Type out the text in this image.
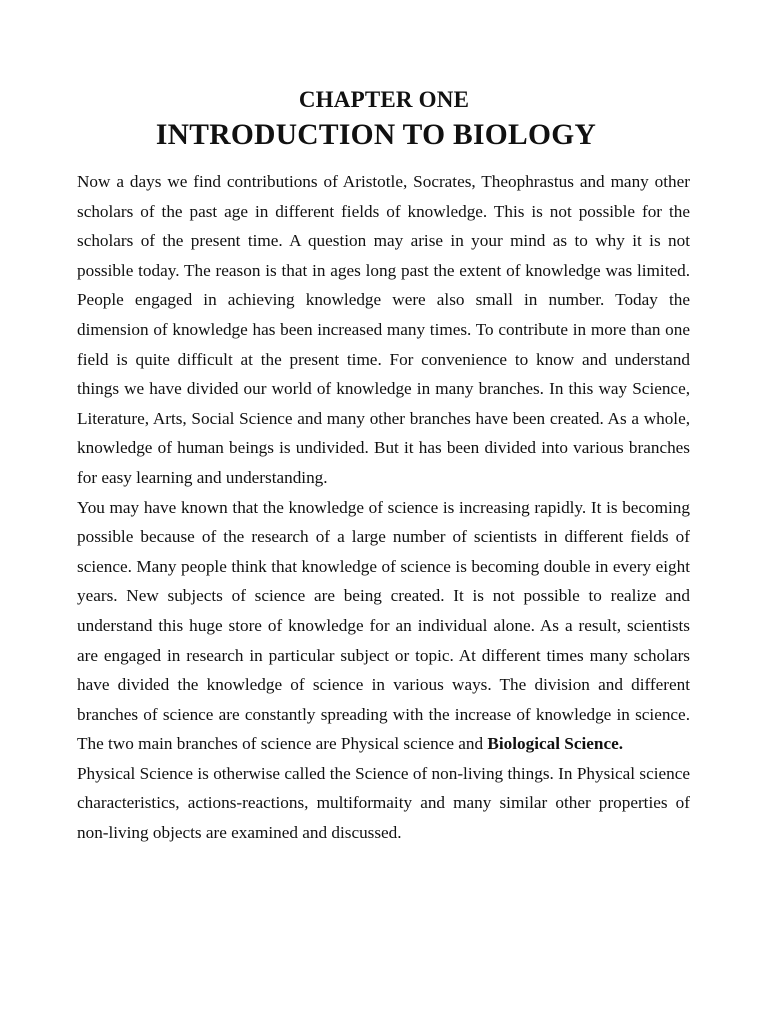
CHAPTER ONE
INTRODUCTION TO BIOLOGY

Now a days we find contributions of Aristotle, Socrates, Theophrastus and many other scholars of the past age in different fields of knowledge. This is not possible for the scholars of the present time. A question may arise in your mind as to why it is not possible today. The reason is that in ages long past the extent of knowledge was limited. People engaged in achieving knowledge were also small in number. Today the dimension of knowledge has been increased many times. To contribute in more than one field is quite difficult at the present time. For convenience to know and understand things we have divided our world of knowledge in many branches. In this way Science, Literature, Arts, Social Science and many other branches have been created. As a whole, knowledge of human beings is undivided. But it has been divided into various branches for easy learning and understanding.

You may have known that the knowledge of science is increasing rapidly. It is becoming possible because of the research of a large number of scientists in different fields of science. Many people think that knowledge of science is becoming double in every eight years. New subjects of science are being created. It is not possible to realize and understand this huge store of knowledge for an individual alone. As a result, scientists are engaged in research in particular subject or topic. At different times many scholars have divided the knowledge of science in various ways. The division and different branches of science are constantly spreading with the increase of knowledge in science. The two main branches of science are Physical science and Biological Science.

Physical Science is otherwise called the Science of non-living things. In Physical science characteristics, actions-reactions, multiformaity and many similar other properties of non-living objects are examined and discussed.
